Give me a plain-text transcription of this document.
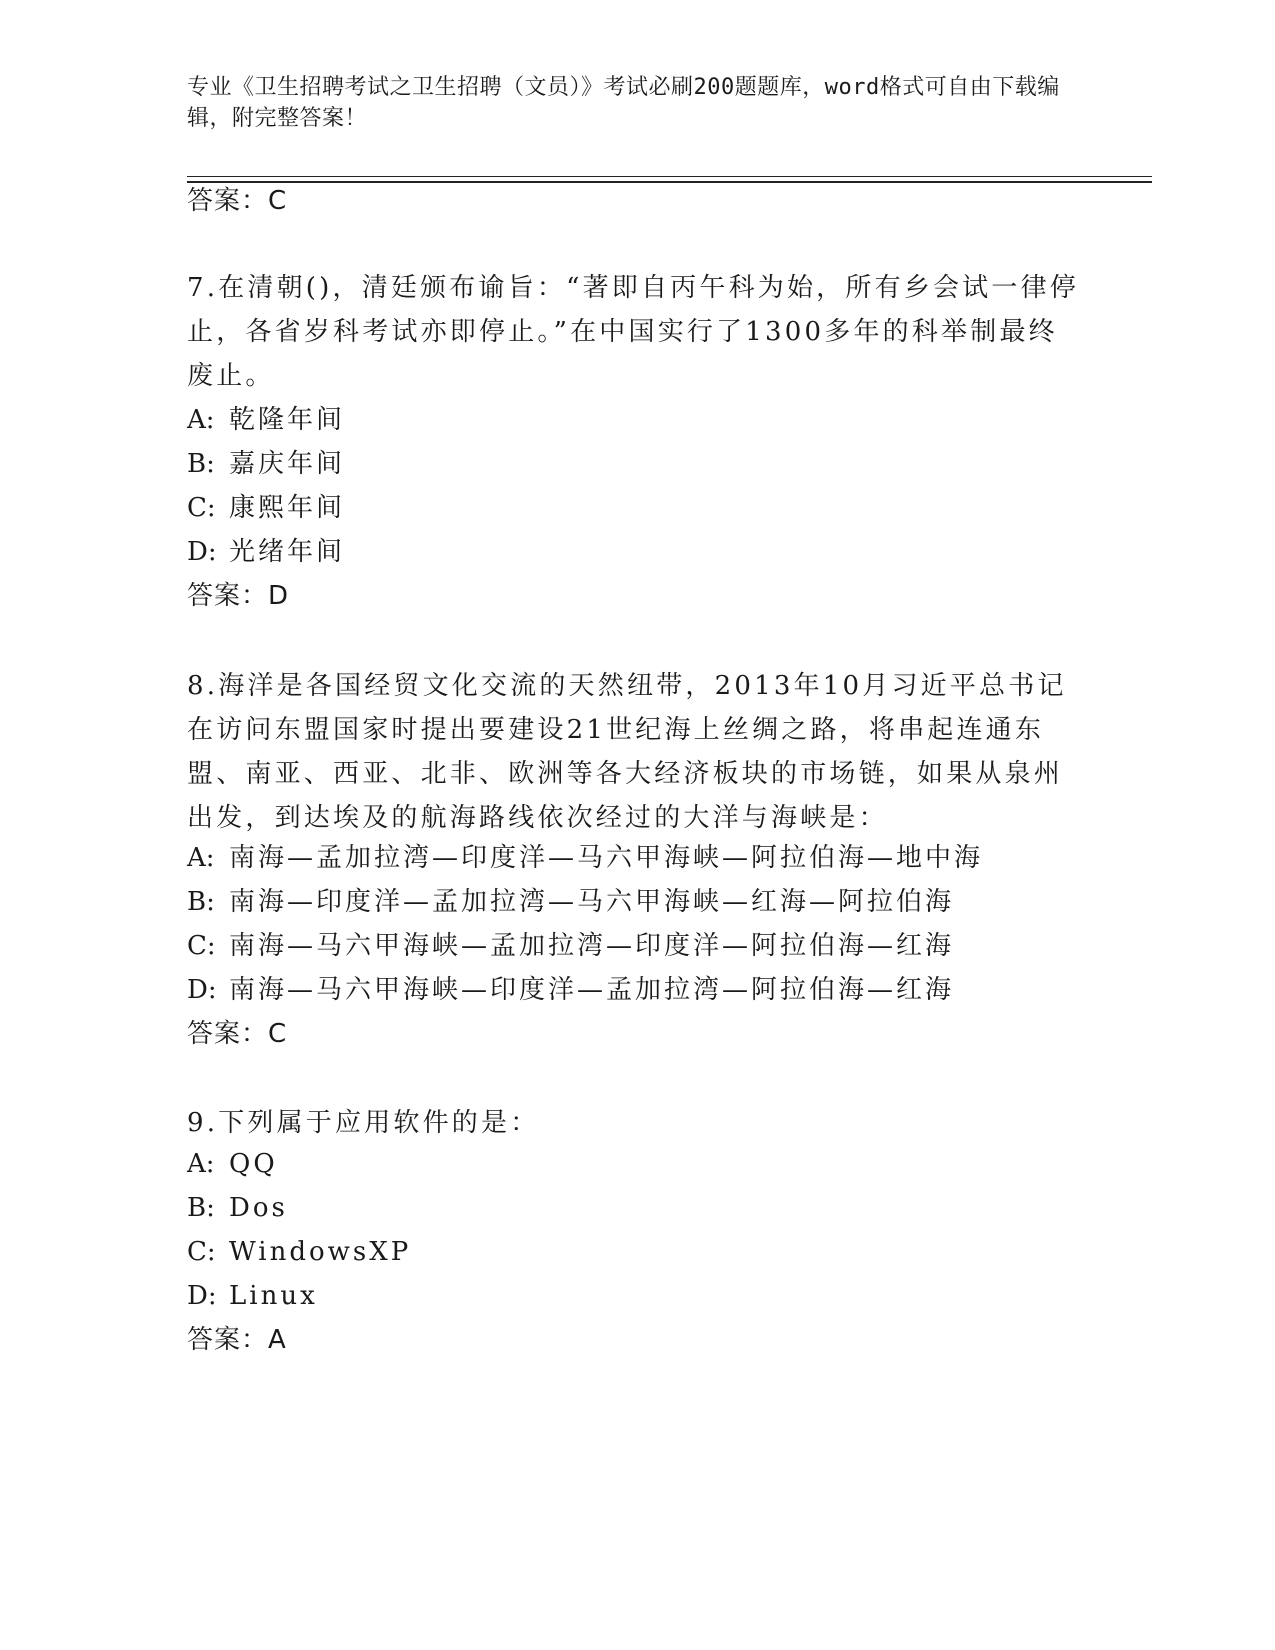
专业《卫生招聘考试之卫生招聘（文员）》考试必刷200题题库，word格式可自由下载编辑，附完整答案！
答案：C
7.在清朝()，清廷颁布谕旨：“著即自丙午科为始，所有乡会试一律停止，各省岁科考试亦即停止。”在中国实行了1300多年的科举制最终废止。
A: 乾隆年间
B: 嘉庆年间
C: 康熙年间
D: 光绪年间
答案：D
8.海洋是各国经贸文化交流的天然纽带，2013年10月习近平总书记在访问东盟国家时提出要建设21世纪海上丝绸之路，将串起连通东盟、南亚、西亚、北非、欧洲等各大经济板块的市场链，如果从泉州出发，到达埃及的航海路线依次经过的大洋与海峡是：
A: 南海—孟加拉湾—印度洋—马六甲海峡—阿拉伯海—地中海
B: 南海—印度洋—孟加拉湾—马六甲海峡—红海—阿拉伯海
C: 南海—马六甲海峡—孟加拉湾—印度洋—阿拉伯海—红海
D: 南海—马六甲海峡—印度洋—孟加拉湾—阿拉伯海—红海
答案：C
9.下列属于应用软件的是：
A: QQ
B: Dos
C: WindowsXP
D: Linux
答案：A
